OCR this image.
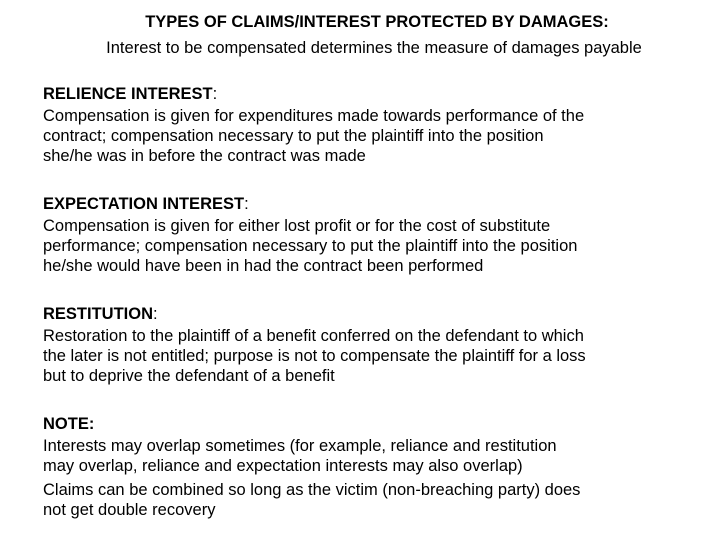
TYPES OF CLAIMS/INTEREST PROTECTED BY DAMAGES:
Interest to be compensated determines the measure of damages payable

RELIENCE INTEREST:

Compensation is given for expenditures made towards performance of the
contract; compensation necessary to put the plaintiff into the position
she/he was in before the contract was made

EXPECTATION INTEREST:

Compensation is given for either lost profit or for the cost of substitute
performance; compensation necessary to put the plaintiff into the position
he/she would have been in had the contract been performed

RESTITUTION:

Restoration to the plaintiff of a benefit conferred on the defendant to which
the later is not entitled; purpose is not to compensate the plaintiff for a loss
but to deprive the defendant of a benefit

NOTE:

Interests may overlap sometimes (for example, reliance and restitution
may overlap, reliance and expectation interests may also overlap)

Claims can be combined so long as the victim (non-breaching party) does
not get double recovery
